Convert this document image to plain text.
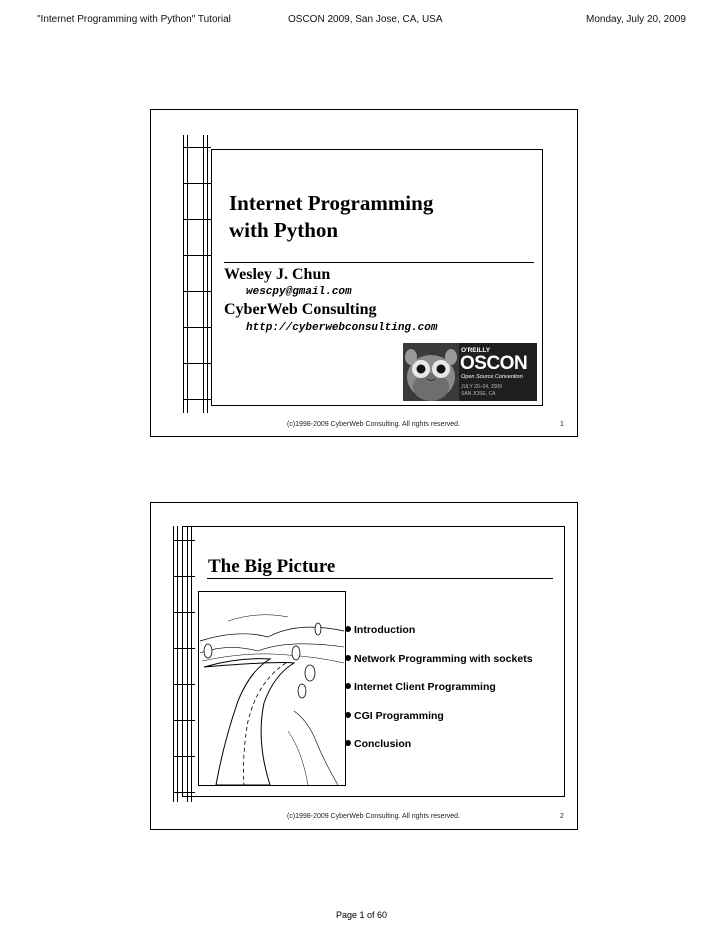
"Internet Programming with Python" Tutorial	OSCON 2009, San Jose, CA, USA	Monday, July 20, 2009
Internet Programming
with Python
Wesley J. Chun
wescpy@gmail.com
CyberWeb Consulting
http://cyberwebconsulting.com
O'REILLY
OSCON
Open Source Convention
JULY 20–24, 2009
SAN JOSE, CA
(c)1998-2009 CyberWeb Consulting. All rights reserved.	1
The Big Picture
Introduction
Network Programming with sockets
Internet Client Programming
CGI Programming
Conclusion
(c)1998-2009 CyberWeb Consulting. All rights reserved.	2
Page 1 of 60
